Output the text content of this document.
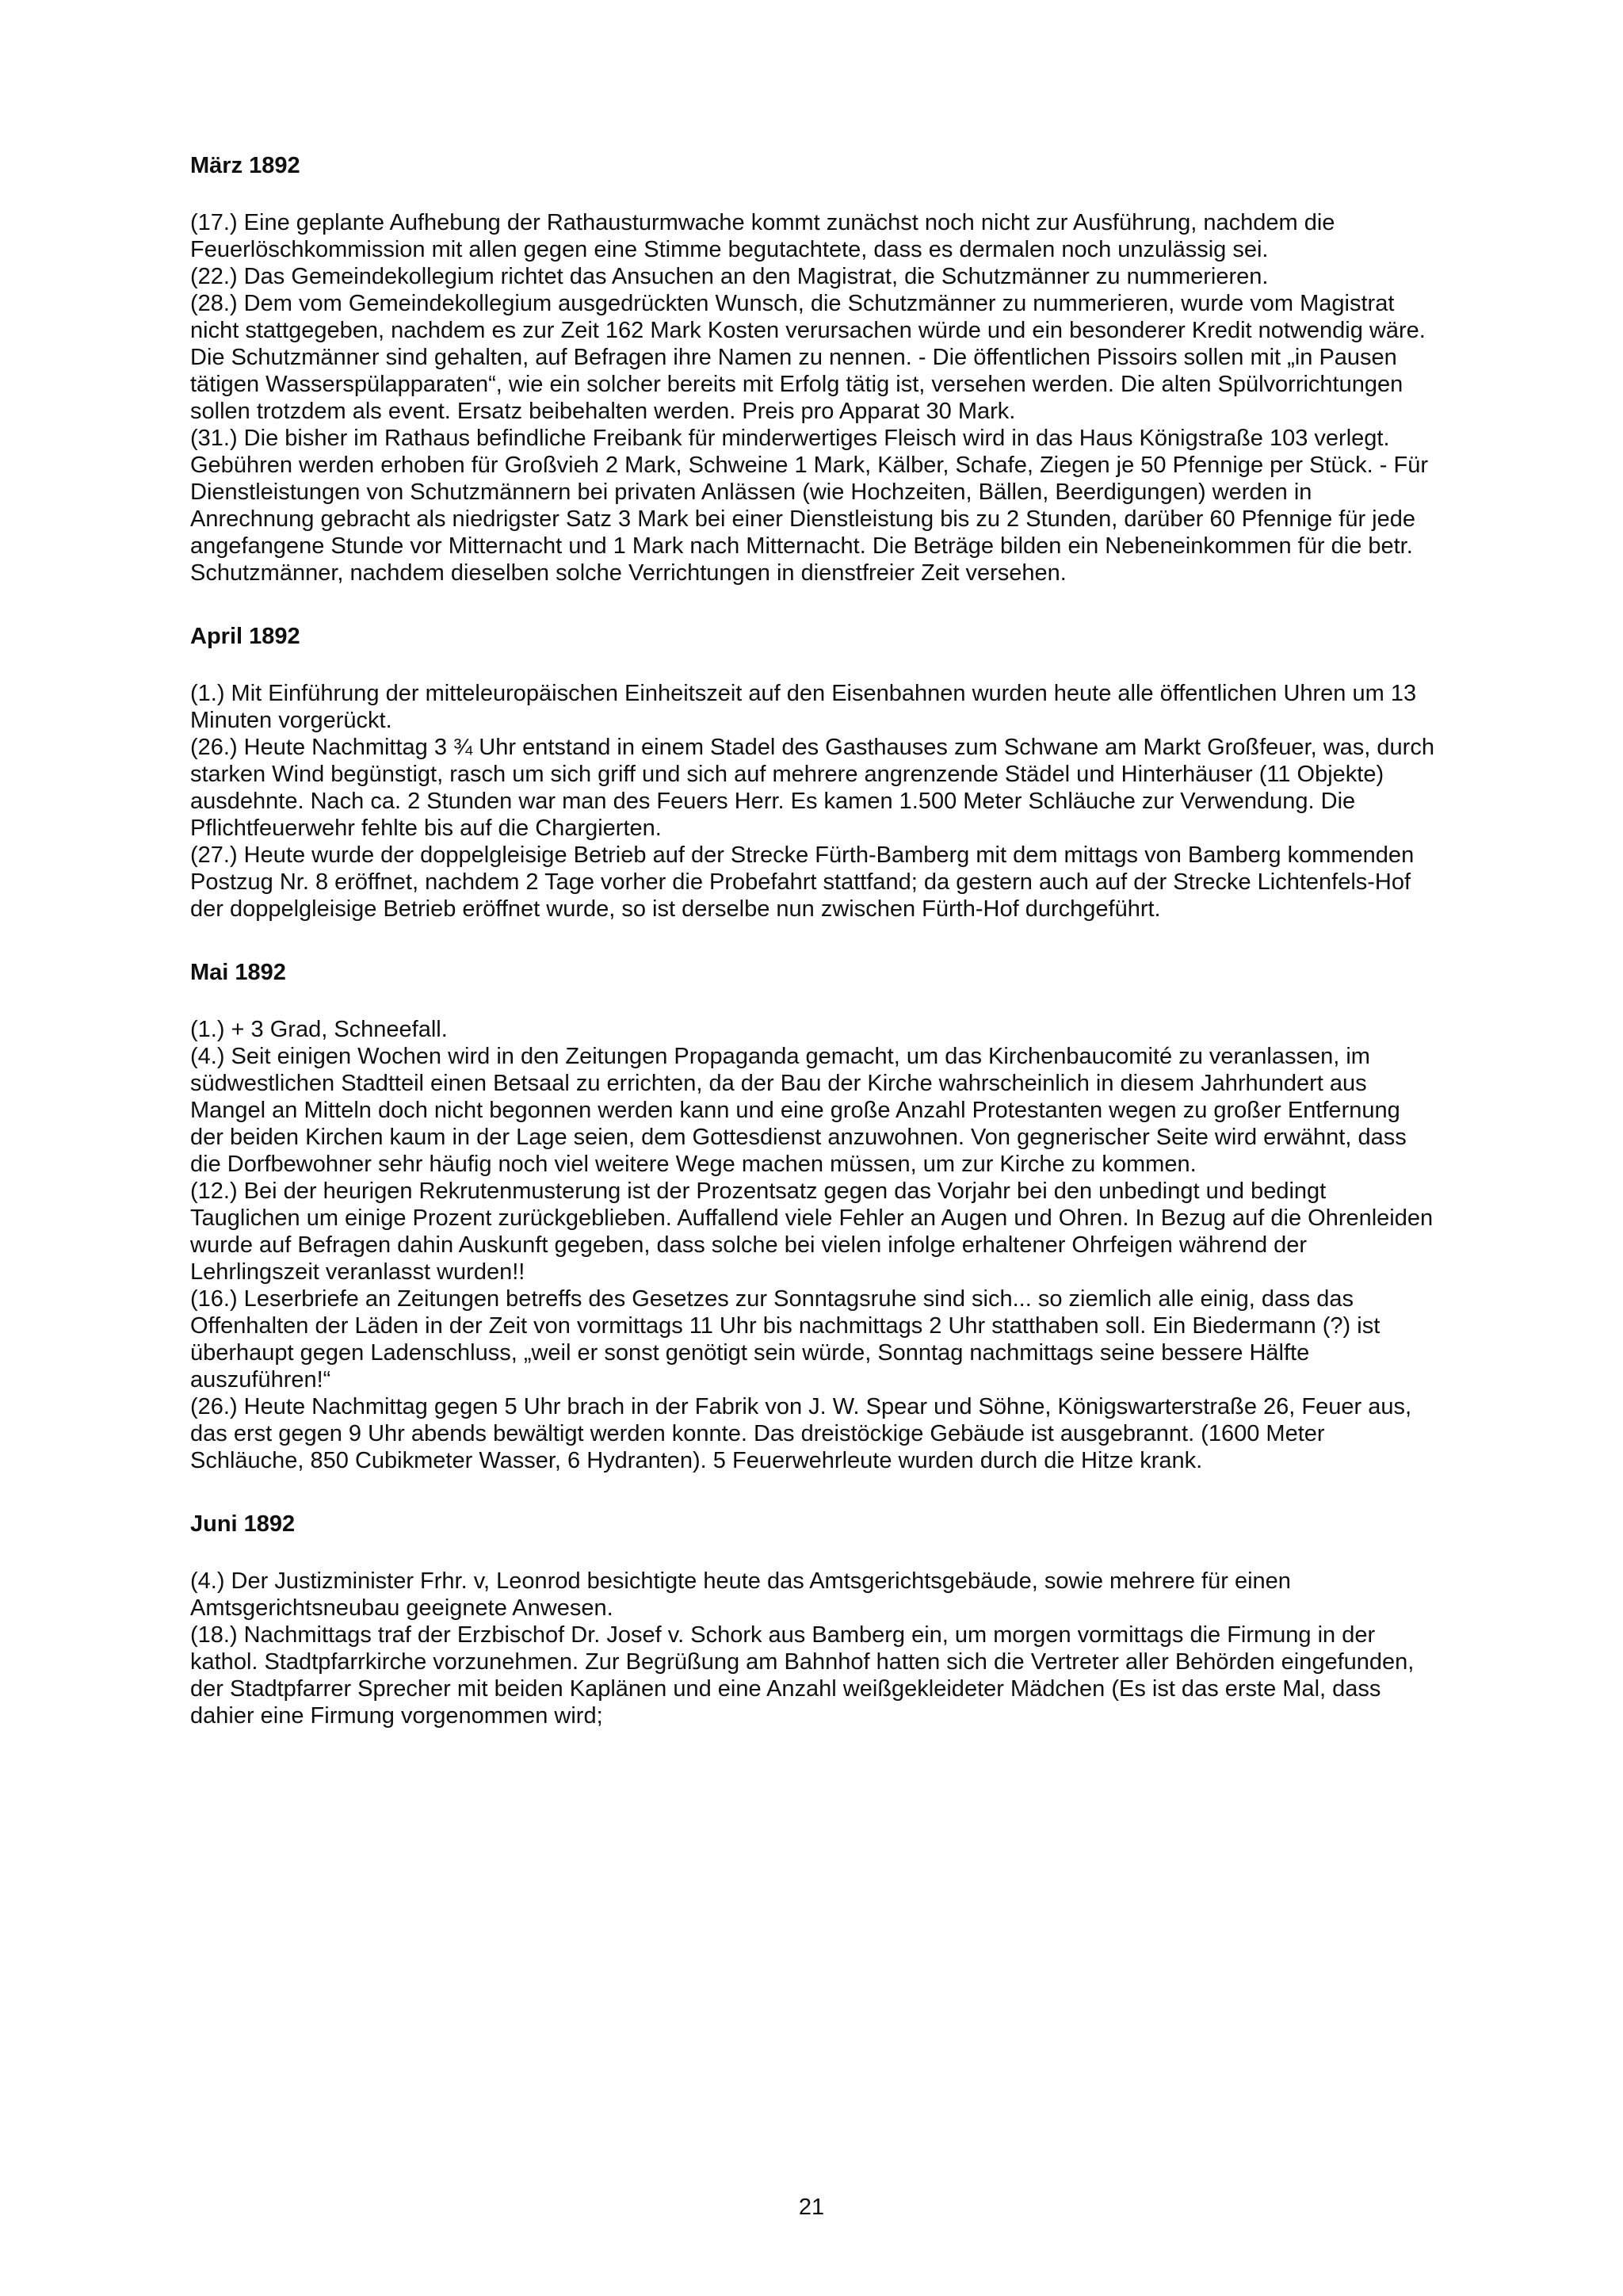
März 1892

(17.) Eine geplante Aufhebung der Rathausturmwache kommt zunächst noch nicht zur Ausführung, nachdem die Feuerlöschkommission mit allen gegen eine Stimme begutachtete, dass es dermalen noch unzulässig sei.

(22.) Das Gemeindekollegium richtet das Ansuchen an den Magistrat, die Schutzmänner zu nummerieren.

(28.) Dem vom Gemeindekollegium ausgedrückten Wunsch, die Schutzmänner zu nummerieren, wurde vom Magistrat nicht stattgegeben, nachdem es zur Zeit 162 Mark Kosten verursachen würde und ein besonderer Kredit notwendig wäre. Die Schutzmänner sind gehalten, auf Befragen ihre Namen zu nennen. - Die öffentlichen Pissoirs sollen mit „in Pausen tätigen Wasserspülapparaten“, wie ein solcher bereits mit Erfolg tätig ist, versehen werden. Die alten Spülvorrichtungen sollen trotzdem als event. Ersatz beibehalten werden. Preis pro Apparat 30 Mark.

(31.) Die bisher im Rathaus befindliche Freibank für minderwertiges Fleisch wird in das Haus Königstraße 103 verlegt. Gebühren werden erhoben für Großvieh 2 Mark, Schweine 1 Mark, Kälber, Schafe, Ziegen je 50 Pfennige per Stück. - Für Dienstleistungen von Schutzmännern bei privaten Anlässen (wie Hochzeiten, Bällen, Beerdigungen) werden in Anrechnung gebracht als niedrigster Satz 3 Mark bei einer Dienstleistung bis zu 2 Stunden, darüber 60 Pfennige für jede angefangene Stunde vor Mitternacht und 1 Mark nach Mitternacht. Die Beträge bilden ein Nebeneinkommen für die betr. Schutzmänner, nachdem dieselben solche Verrichtungen in dienstfreier Zeit versehen.

April 1892

(1.) Mit Einführung der mitteleuropäischen Einheitszeit auf den Eisenbahnen wurden heute alle öffentlichen Uhren um 13 Minuten vorgerückt.

(26.) Heute Nachmittag 3 ¾ Uhr entstand in einem Stadel des Gasthauses zum Schwane am Markt Großfeuer, was, durch starken Wind begünstigt, rasch um sich griff und sich auf mehrere angrenzende Städel und Hinterhäuser (11 Objekte) ausdehnte. Nach ca. 2 Stunden war man des Feuers Herr. Es kamen 1.500 Meter Schläuche zur Verwendung. Die Pflichtfeuerwehr fehlte bis auf die Chargierten.

(27.) Heute wurde der doppelgleisige Betrieb auf der Strecke Fürth-Bamberg mit dem mittags von Bamberg kommenden Postzug Nr. 8 eröffnet, nachdem 2 Tage vorher die Probefahrt stattfand; da gestern auch auf der Strecke Lichtenfels-Hof der doppelgleisige Betrieb eröffnet wurde, so ist derselbe nun zwischen Fürth-Hof durchgeführt.

Mai 1892

(1.) + 3 Grad, Schneefall.

(4.) Seit einigen Wochen wird in den Zeitungen Propaganda gemacht, um das Kirchenbaucomité zu veranlassen, im südwestlichen Stadtteil einen Betsaal zu errichten, da der Bau der Kirche wahrscheinlich in diesem Jahrhundert aus Mangel an Mitteln doch nicht begonnen werden kann und eine große Anzahl Protestanten wegen zu großer Entfernung der beiden Kirchen kaum in der Lage seien, dem Gottesdienst anzuwohnen. Von gegnerischer Seite wird erwähnt, dass die Dorfbewohner sehr häufig noch viel weitere Wege machen müssen, um zur Kirche zu kommen.

(12.) Bei der heurigen Rekrutenmusterung ist der Prozentsatz gegen das Vorjahr bei den unbedingt und bedingt Tauglichen um einige Prozent zurückgeblieben. Auffallend viele Fehler an Augen und Ohren. In Bezug auf die Ohrenleiden wurde auf Befragen dahin Auskunft gegeben, dass solche bei vielen infolge erhaltener Ohrfeigen während der Lehrlingszeit veranlasst wurden!!

(16.) Leserbriefe an Zeitungen betreffs des Gesetzes zur Sonntagsruhe sind sich... so ziemlich alle einig, dass das Offenhalten der Läden in der Zeit von vormittags 11 Uhr bis nachmittags 2 Uhr statthaben soll. Ein Biedermann (?) ist überhaupt gegen Ladenschluss, „weil er sonst genötigt sein würde, Sonntag nachmittags seine bessere Hälfte auszuführen!“

(26.) Heute Nachmittag gegen 5 Uhr brach in der Fabrik von J. W. Spear und Söhne, Königswarterstraße 26, Feuer aus, das erst gegen 9 Uhr abends bewältigt werden konnte. Das dreistöckige Gebäude ist ausgebrannt. (1600 Meter Schläuche, 850 Cubikmeter Wasser, 6 Hydranten). 5 Feuerwehrleute wurden durch die Hitze krank.

Juni 1892

(4.) Der Justizminister Frhr. v, Leonrod besichtigte heute das Amtsgerichtsgebäude, sowie mehrere für einen Amtsgerichtsneubau geeignete Anwesen.

(18.) Nachmittags traf der Erzbischof Dr. Josef v. Schork aus Bamberg ein, um morgen vormittags die Firmung in der kathol. Stadtpfarrkirche vorzunehmen. Zur Begrüßung am Bahnhof hatten sich die Vertreter aller Behörden eingefunden, der Stadtpfarrer Sprecher mit beiden Kaplänen und eine Anzahl weißgekleideter Mädchen (Es ist das erste Mal, dass dahier eine Firmung vorgenommen wird;

21
